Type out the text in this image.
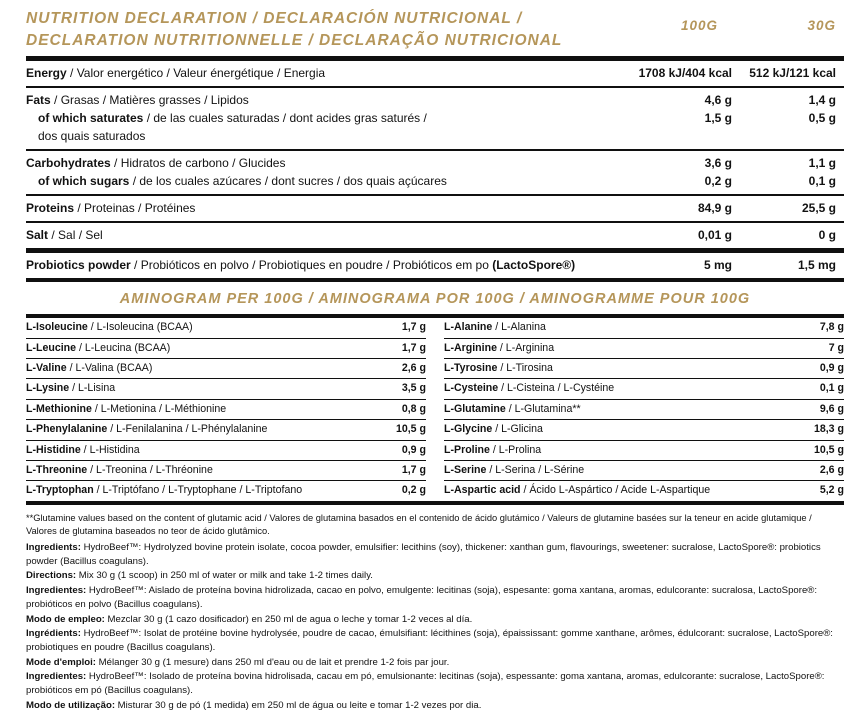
NUTRITION DECLARATION / DECLARACIÓN NUTRICIONAL /
DECLARATION NUTRITIONNELLE / DECLARAÇÃO NUTRICIONAL
100G	30G
Energy / Valor energético / Valeur énergétique / Energia	1708 kJ/404 kcal	512 kJ/121 kcal
Fats / Grasas / Matières grasses / Lipidos	4,6 g	1,4 g
of which saturates / de las cuales saturadas / dont acides gras saturés /	1,5 g	0,5 g
dos quais saturados
Carbohydrates / Hidratos de carbono / Glucides	3,6 g	1,1 g
of which sugars / de los cuales azúcares / dont sucres / dos quais açúcares	0,2 g	0,1 g
Proteins / Proteinas / Protéines	84,9 g	25,5 g
Salt / Sal / Sel	0,01 g	0 g
Probiotics powder / Probióticos en polvo / Probiotiques en poudre / Probióticos em po (LactoSpore®)	5 mg	1,5 mg
AMINOGRAM PER 100G / AMINOGRAMA POR 100G / AMINOGRAMME POUR 100G
L-Isoleucine / L-Isoleucina (BCAA)	1,7 g
L-Leucine / L-Leucina (BCAA)	1,7 g
L-Valine / L-Valina (BCAA)	2,6 g
L-Lysine / L-Lisina	3,5 g
L-Methionine / L-Metionina / L-Méthionine	0,8 g
L-Phenylalanine / L-Fenilalanina / L-Phénylalanine	10,5 g
L-Histidine / L-Histidina	0,9 g
L-Threonine / L-Treonina / L-Thréonine	1,7 g
L-Tryptophan / L-Triptófano / L-Tryptophane / L-Triptofano	0,2 g
L-Alanine / L-Alanina	7,8 g
L-Arginine / L-Arginina	7 g
L-Tyrosine / L-Tirosina	0,9 g
L-Cysteine / L-Cisteina / L-Cystéine	0,1 g
L-Glutamine / L-Glutamina**	9,6 g
L-Glycine / L-Glicina	18,3 g
L-Proline / L-Prolina	10,5 g
L-Serine / L-Serina / L-Sérine	2,6 g
L-Aspartic acid / Ácido L-Aspártico / Acide L-Aspartique	5,2 g
**Glutamine values based on the content of glutamic acid / Valores de glutamina basados en el contenido de ácido glutámico / Valeurs de glutamine basées sur la teneur en acide glutamique / Valores de glutamina baseados no teor de ácido glutâmico.

Ingredients: HydroBeef™: Hydrolyzed bovine protein isolate, cocoa powder, emulsifier: lecithins (soy), thickener: xanthan gum, flavourings, sweetener: sucralose, LactoSpore®: probiotics powder (Bacillus coagulans).

Directions: Mix 30 g (1 scoop) in 250 ml of water or milk and take 1-2 times daily.

Ingredientes: HydroBeef™: Aislado de proteína bovina hidrolizada, cacao en polvo, emulgente: lecitinas (soja), espesante: goma xantana, aromas, edulcorante: sucralosa, LactoSpore®: probióticos en polvo (Bacillus coagulans).

Modo de empleo: Mezclar 30 g (1 cazo dosificador) en 250 ml de agua o leche y tomar 1-2 veces al día.

Ingrédients: HydroBeef™: Isolat de protéine bovine hydrolysée, poudre de cacao, émulsifiant: lécithines (soja), épaississant: gomme xanthane, arômes, édulcorant: sucralose, LactoSpore®: probiotiques en poudre (Bacillus coagulans).

Mode d'emploi: Mélanger 30 g (1 mesure) dans 250 ml d'eau ou de lait et prendre 1-2 fois par jour.

Ingredientes: HydroBeef™: Isolado de proteína bovina hidrolisada, cacau em pó, emulsionante: lecitinas (soja), espessante: goma xantana, aromas, edulcorante: sucralose, LactoSpore®: probióticos em pó (Bacillus coagulans).

Modo de utilização: Misturar 30 g de pó (1 medida) em 250 ml de água ou leite e tomar 1-2 vezes por dia.
